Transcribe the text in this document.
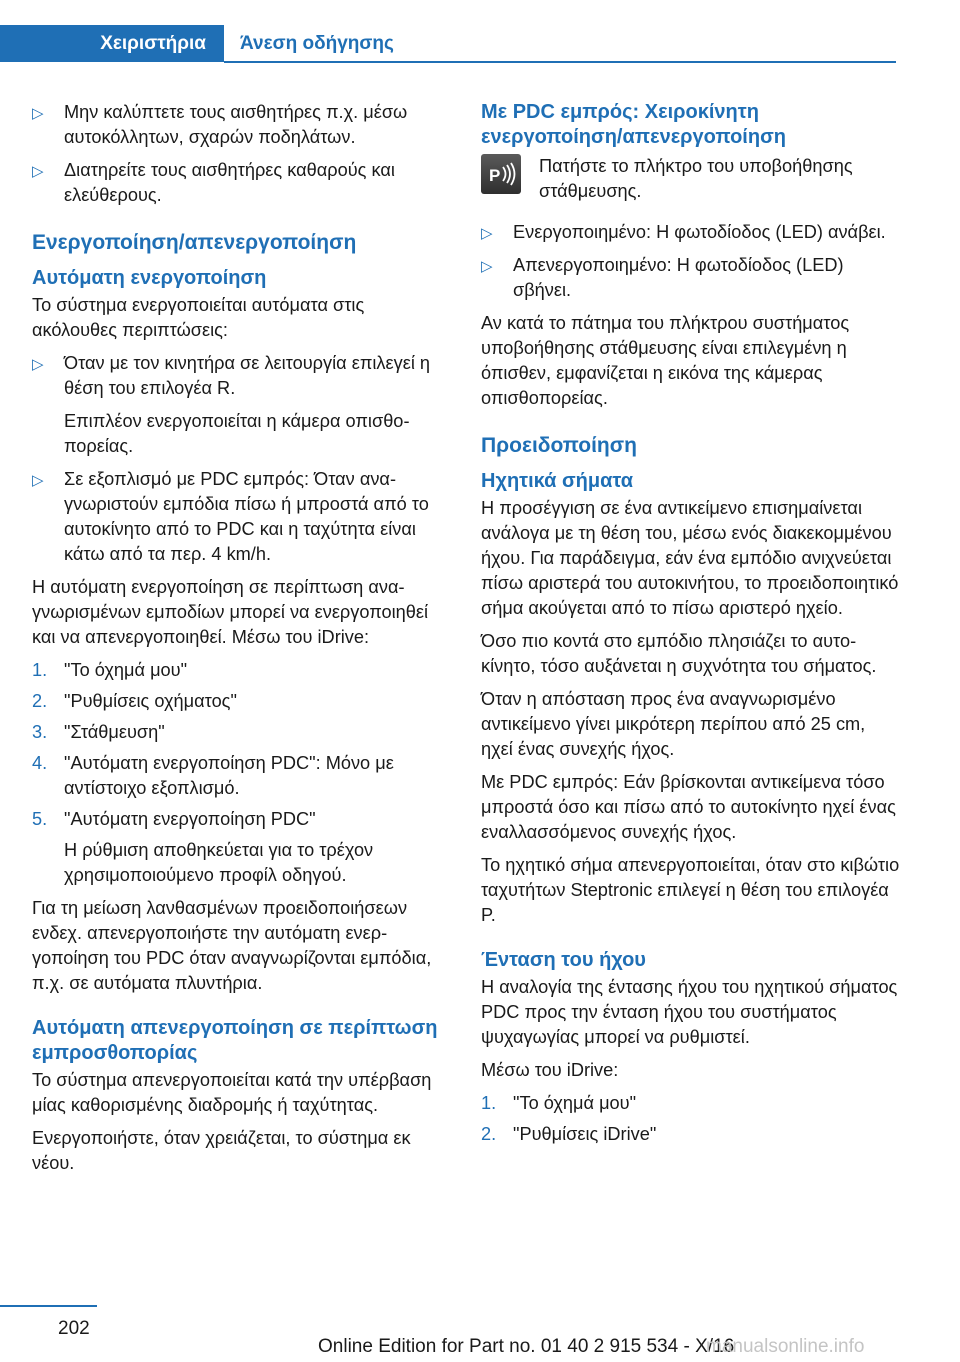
Χειριστήρια Άνεση οδήγησης
▷ Μην καλύπτετε τους αισθητήρες π.χ. μέσω αυτοκόλλητων, σχαρών ποδηλάτων.
▷ Διατηρείτε τους αισθητήρες καθαρούς και ελεύθερους.
Ενεργοποίηση/απενεργοποίηση
Αυτόματη ενεργοποίηση

Το σύστημα ενεργοποιείται αυτόματα στις ακόλουθες περιπτώσεις:

▷ Όταν με τον κινητήρα σε λειτουργία επιλεγεί η θέση του επιλογέα R.

Επιπλέον ενεργοποιείται η κάμερα οπισθοπορείας.

▷ Σε εξοπλισμό με PDC εμπρός: Όταν αναγνωριστούν εμπόδια πίσω ή μπροστά από το αυτοκίνητο από το PDC και η ταχύτητα είναι κάτω από τα περ. 4 km/h.

Η αυτόματη ενεργοποίηση σε περίπτωση αναγνωρισμένων εμποδίων μπορεί να ενεργοποιηθεί και να απενεργοποιηθεί. Μέσω του iDrive:

1. "Το όχημά μου"
2. "Ρυθμίσεις οχήματος"
3. "Στάθμευση"
4. "Αυτόματη ενεργοποίηση PDC": Μόνο με αντίστοιχο εξοπλισμό.
5. "Αυτόματη ενεργοποίηση PDC"

Η ρύθμιση αποθηκεύεται για το τρέχον χρησιμοποιούμενο προφίλ οδηγού.

Για τη μείωση λανθασμένων προειδοποιήσεων ενδεχ. απενεργοποιήστε την αυτόματη ενεργοποίηση του PDC όταν αναγνωρίζονται εμπόδια, π.χ. σε αυτόματα πλυντήρια.

Αυτόματη απενεργοποίηση σε περίπτωση εμπροσθοπορίας

Το σύστημα απενεργοποιείται κατά την υπέρβαση μίας καθορισμένης διαδρομής ή ταχύτητας.

Ενεργοποιήστε, όταν χρειάζεται, το σύστημα εκ νέου.

Με PDC εμπρός: Χειροκίνητη ενεργοποίηση/απενεργοποίηση
P Πατήστε το πλήκτρο του υποβοήθησης στάθμευσης.
▷ Ενεργοποιημένο: Η φωτοδίοδος (LED) ανάβει.
▷ Απενεργοποιημένο: Η φωτοδίοδος (LED) σβήνει.

Αν κατά το πάτημα του πλήκτρου συστήματος υποβοήθησης στάθμευσης είναι επιλεγμένη η όπισθεν, εμφανίζεται η εικόνα της κάμερας οπισθοπορείας.

Προειδοποίηση
Ηχητικά σήματα

Η προσέγγιση σε ένα αντικείμενο επισημαίνεται ανάλογα με τη θέση του, μέσω ενός διακεκομμένου ήχου. Για παράδειγμα, εάν ένα εμπόδιο ανιχνεύεται πίσω αριστερά του αυτοκινήτου, το προειδοποιητικό σήμα ακούγεται από το πίσω αριστερό ηχείο.

Όσο πιο κοντά στο εμπόδιο πλησιάζει το αυτοκίνητο, τόσο αυξάνεται η συχνότητα του σήματος.

Όταν η απόσταση προς ένα αναγνωρισμένο αντικείμενο γίνει μικρότερη περίπου από 25 cm, ηχεί ένας συνεχής ήχος.

Με PDC εμπρός: Εάν βρίσκονται αντικείμενα τόσο μπροστά όσο και πίσω από το αυτοκίνητο ηχεί ένας εναλλασσόμενος συνεχής ήχος.

Το ηχητικό σήμα απενεργοποιείται, όταν στο κιβώτιο ταχυτήτων Steptronic επιλεγεί η θέση του επιλογέα P.

Ένταση του ήχου

Η αναλογία της έντασης ήχου του ηχητικού σήματος PDC προς την ένταση ήχου του συστήματος ψυχαγωγίας μπορεί να ρυθμιστεί.

Μέσω του iDrive:

1. "Το όχημά μου"
2. "Ρυθμίσεις iDrive"
202
Online Edition for Part no. 01 40 2 915 534 - X/16
manualsonline.info
